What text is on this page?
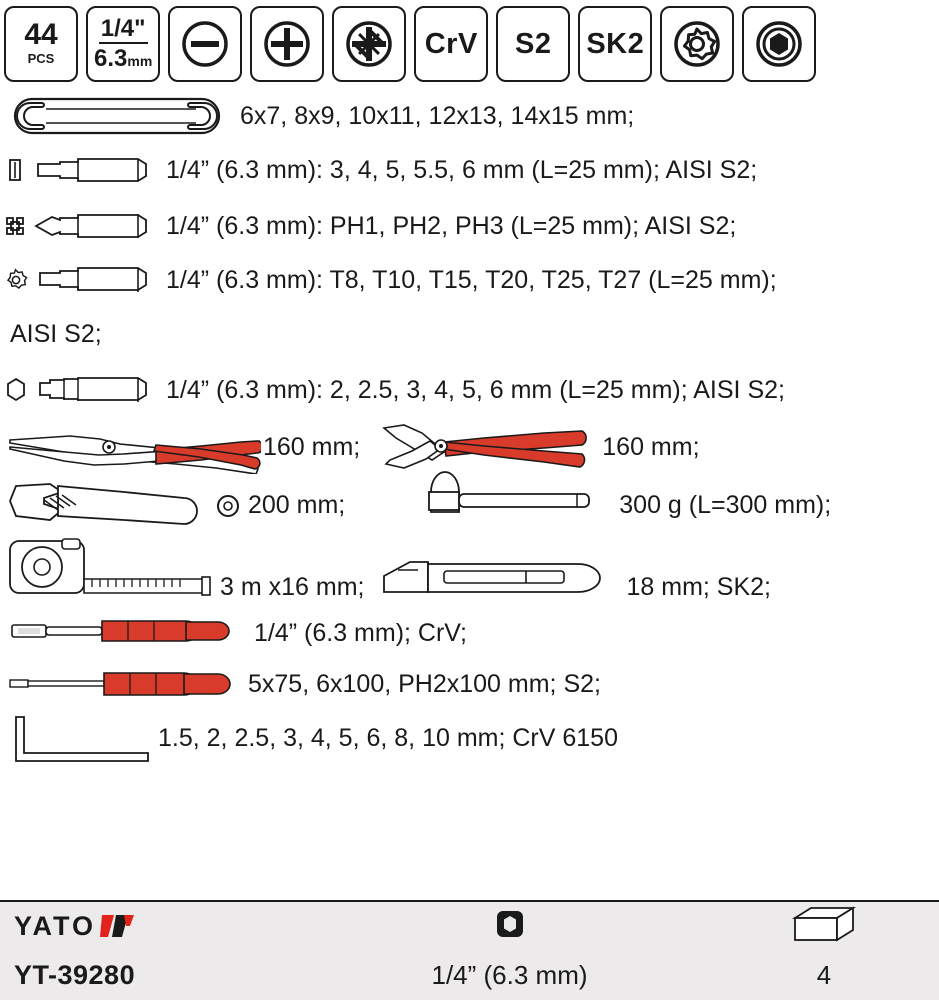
44
PCS
1/4"
6.3mm
CrV S2 SK2
6x7, 8x9, 10x11, 12x13, 14x15 mm;
1/4” (6.3 mm): 3, 4, 5, 5.5, 6 mm (L=25 mm); AISI S2;
1/4” (6.3 mm): PH1, PH2, PH3 (L=25 mm); AISI S2;
1/4” (6.3 mm): T8, T10, T15, T20, T25, T27 (L=25 mm);
AISI S2;
1/4” (6.3 mm): 2, 2.5, 3, 4, 5, 6 mm (L=25 mm); AISI S2;
160 mm;	160 mm;
200 mm;	300 g (L=300 mm);
3 m x16 mm;	18 mm; SK2;
1/4” (6.3 mm); CrV;
5x75, 6x100, PH2x100 mm; S2;
1.5, 2, 2.5, 3, 4, 5, 6, 8, 10 mm; CrV 6150
YATO
YT-39280	1/4” (6.3 mm)	4
